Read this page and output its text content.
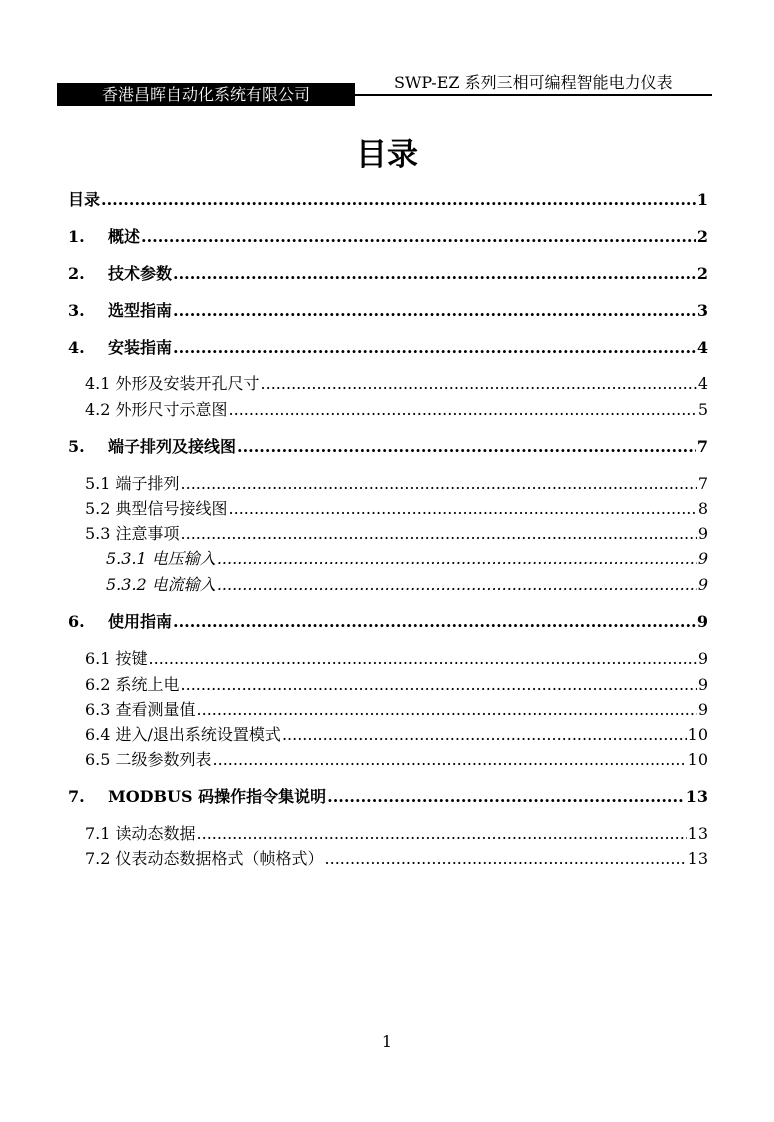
SWP-EZ 系列三相可编程智能电力仪表
香港昌晖自动化系统有限公司
目录
目录 .....	1
1.	概述 .....	2
2.	技术参数 .....	2
3.	选型指南 .....	3
4.	安装指南 .....	4
4.1 外形及安装开孔尺寸 .....	4
4.2 外形尺寸示意图 .....	5
5.	端子排列及接线图 .....	7
5.1 端子排列 .....	7
5.2 典型信号接线图 .....	8
5.3 注意事项 .....	9
5.3.1 电压输入 .....	9
5.3.2 电流输入 .....	9
6.	使用指南 .....	9
6.1 按键 .....	9
6.2 系统上电 .....	9
6.3 查看测量值 .....	9
6.4 进入/退出系统设置模式 .....	10
6.5 二级参数列表 .....	10
7.	MODBUS 码操作指令集说明 .....	13
7.1 读动态数据 .....	13
7.2 仪表动态数据格式（帧格式） .....	13
1
